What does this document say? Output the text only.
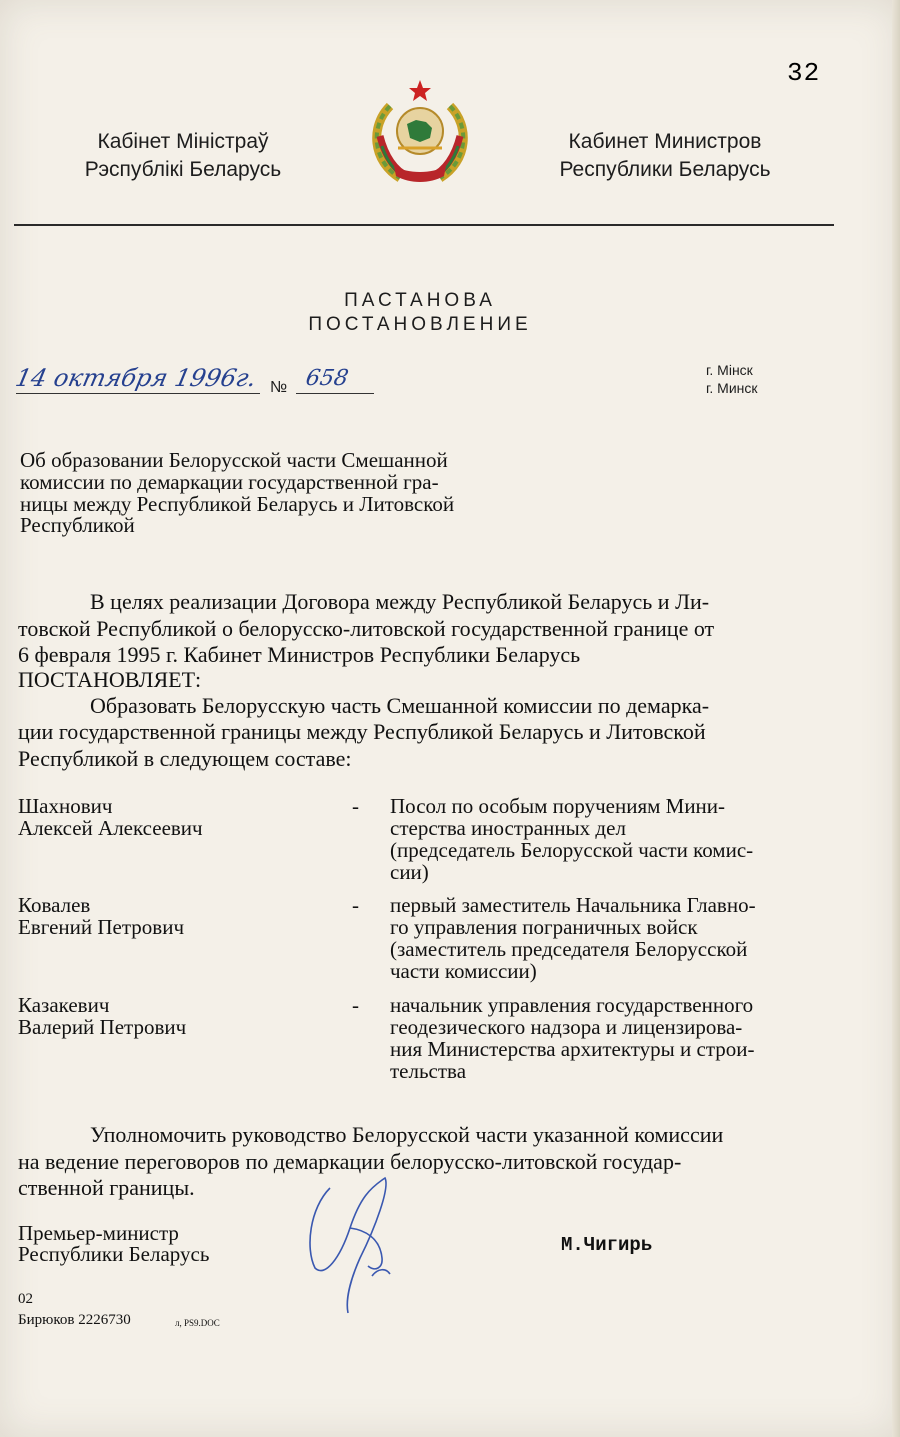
32
Кабінет Міністраў
Рэспублікі Беларусь
РЭСПУБЛІКА БЕЛАРУСЬ
Кабинет Министров
Республики Беларусь
ПАСТАНОВА
ПОСТАНОВЛЕНИЕ
14 октября 1996г. № 658	г. Мінск
г. Минск
Об образовании Белорусской части Смешанной
комиссии по демаркации государственной гра-
ницы между Республикой Беларусь и Литовской
Республикой
В целях реализации Договора между Республикой Беларусь и Ли-
товской Республикой о белорусско-литовской государственной границе от
6 февраля 1995 г. Кабинет Министров Республики Беларусь
ПОСТАНОВЛЯЕТ:
Образовать Белорусскую часть Смешанной комиссии по демарка-
ции государственной границы между Республикой Беларусь и Литовской
Республикой в следующем составе:
Шахнович
Алексей Алексеевич
- Посол по особым поручениям Мини-
стерства иностранных дел
(председатель Белорусской части комис-
сии)
Ковалев
Евгений Петрович
- первый заместитель Начальника Главно-
го управления пограничных войск
(заместитель председателя Белорусской
части комиссии)
Казакевич
Валерий Петрович
- начальник управления государственного
геодезического надзора и лицензирова-
ния Министерства архитектуры и строи-
тельства
Уполномочить руководство Белорусской части указанной комиссии
на ведение переговоров по демаркации белорусско-литовской государ-
ственной границы.
Премьер-министр
Республики Беларусь	М.Чигирь
02
Бирюков 2226730	л, PS9.DOC
